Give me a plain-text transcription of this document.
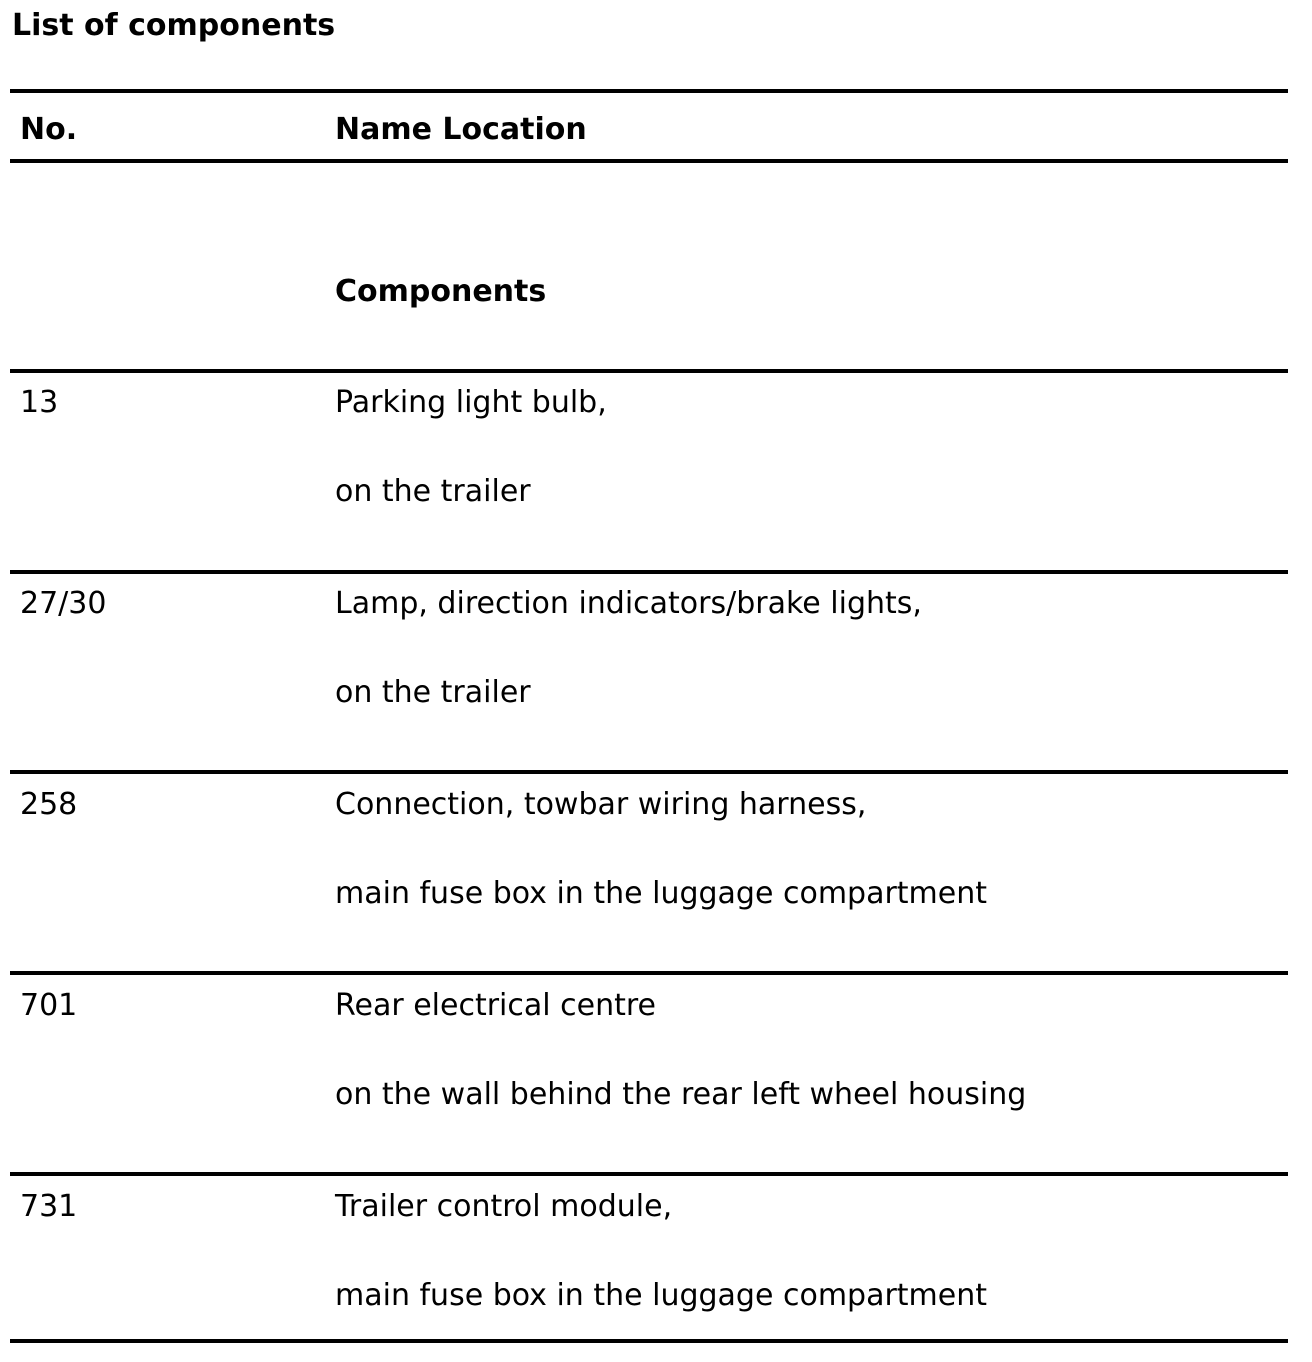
List of components
No.	Name Location
Components
13	Parking light bulb,
on the trailer
27/30	Lamp, direction indicators/brake lights,
on the trailer
258	Connection, towbar wiring harness,
main fuse box in the luggage compartment
701	Rear electrical centre
on the wall behind the rear left wheel housing
731	Trailer control module,
main fuse box in the luggage compartment
